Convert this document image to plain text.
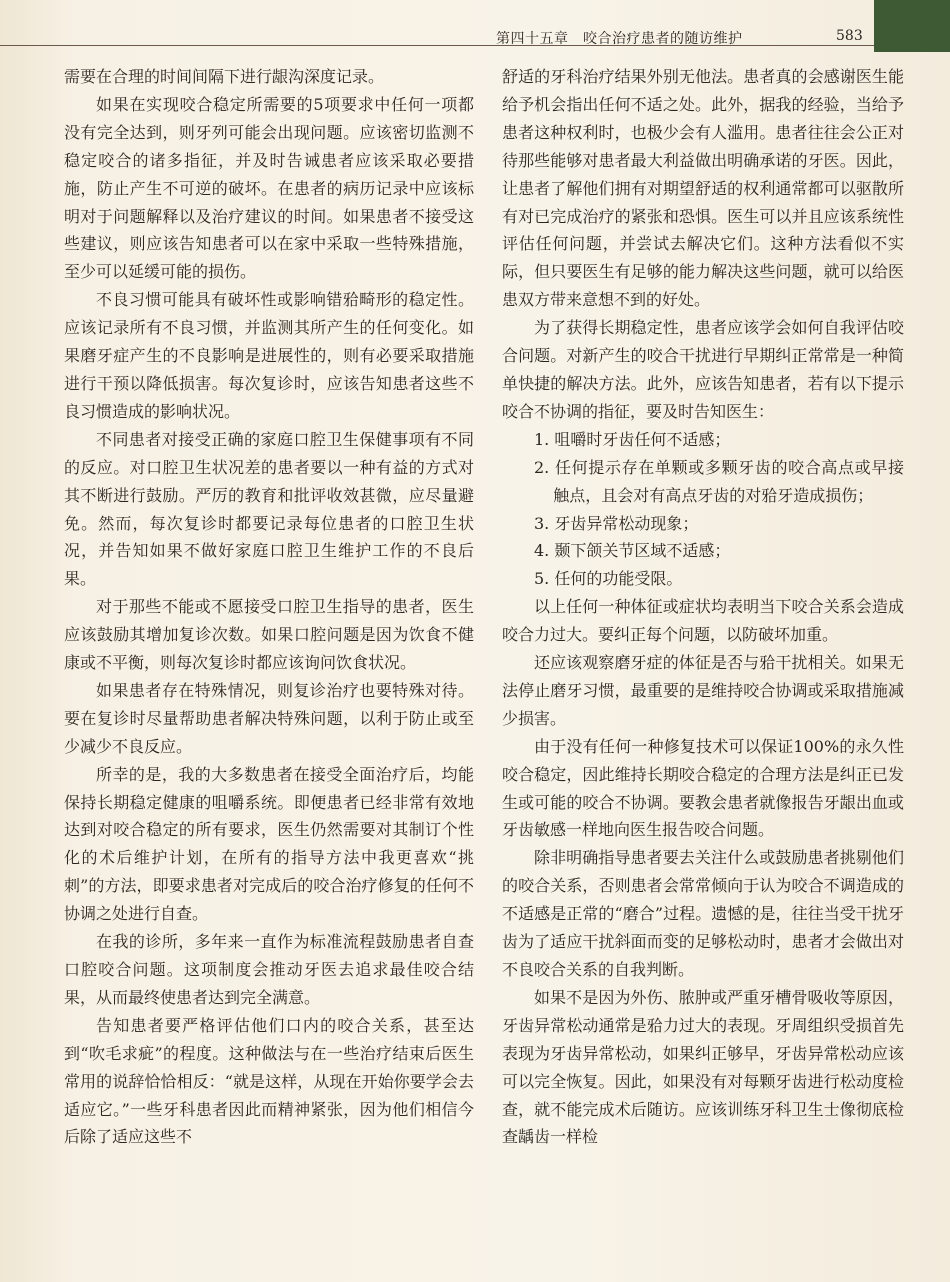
第四十五章　咬合治疗患者的随访维护	583

需要在合理的时间间隔下进行龈沟深度记录。

如果在实现咬合稳定所需要的5项要求中任何一项都没有完全达到，则牙列可能会出现问题。应该密切监测不稳定咬合的诸多指征，并及时告诫患者应该采取必要措施，防止产生不可逆的破坏。在患者的病历记录中应该标明对于问题解释以及治疗建议的时间。如果患者不接受这些建议，则应该告知患者可以在家中采取一些特殊措施，至少可以延缓可能的损伤。

不良习惯可能具有破坏性或影响错𬌗畸形的稳定性。应该记录所有不良习惯，并监测其所产生的任何变化。如果磨牙症产生的不良影响是进展性的，则有必要采取措施进行干预以降低损害。每次复诊时，应该告知患者这些不良习惯造成的影响状况。

不同患者对接受正确的家庭口腔卫生保健事项有不同的反应。对口腔卫生状况差的患者要以一种有益的方式对其不断进行鼓励。严厉的教育和批评收效甚微，应尽量避免。然而，每次复诊时都要记录每位患者的口腔卫生状况，并告知如果不做好家庭口腔卫生维护工作的不良后果。

对于那些不能或不愿接受口腔卫生指导的患者，医生应该鼓励其增加复诊次数。如果口腔问题是因为饮食不健康或不平衡，则每次复诊时都应该询问饮食状况。

如果患者存在特殊情况，则复诊治疗也要特殊对待。要在复诊时尽量帮助患者解决特殊问题，以利于防止或至少减少不良反应。

所幸的是，我的大多数患者在接受全面治疗后，均能保持长期稳定健康的咀嚼系统。即便患者已经非常有效地达到对咬合稳定的所有要求，医生仍然需要对其制订个性化的术后维护计划，在所有的指导方法中我更喜欢“挑刺”的方法，即要求患者对完成后的咬合治疗修复的任何不协调之处进行自查。

在我的诊所，多年来一直作为标准流程鼓励患者自查口腔咬合问题。这项制度会推动牙医去追求最佳咬合结果，从而最终使患者达到完全满意。

告知患者要严格评估他们口内的咬合关系，甚至达到“吹毛求疵”的程度。这种做法与在一些治疗结束后医生常用的说辞恰恰相反：“就是这样，从现在开始你要学会去适应它。”一些牙科患者因此而精神紧张，因为他们相信今后除了适应这些不

舒适的牙科治疗结果外别无他法。患者真的会感谢医生能给予机会指出任何不适之处。此外，据我的经验，当给予患者这种权利时，也极少会有人滥用。患者往往会公正对待那些能够对患者最大利益做出明确承诺的牙医。因此，让患者了解他们拥有对期望舒适的权利通常都可以驱散所有对已完成治疗的紧张和恐惧。医生可以并且应该系统性评估任何问题，并尝试去解决它们。这种方法看似不实际，但只要医生有足够的能力解决这些问题，就可以给医患双方带来意想不到的好处。

为了获得长期稳定性，患者应该学会如何自我评估咬合问题。对新产生的咬合干扰进行早期纠正常常是一种简单快捷的解决方法。此外，应该告知患者，若有以下提示咬合不协调的指征，要及时告知医生：

1. 咀嚼时牙齿任何不适感；

2. 任何提示存在单颗或多颗牙齿的咬合高点或早接触点，且会对有高点牙齿的对𬌗牙造成损伤；

3. 牙齿异常松动现象；

4. 颞下颌关节区域不适感；

5. 任何的功能受限。

以上任何一种体征或症状均表明当下咬合关系会造成咬合力过大。要纠正每个问题，以防破坏加重。

还应该观察磨牙症的体征是否与𬌗干扰相关。如果无法停止磨牙习惯，最重要的是维持咬合协调或采取措施减少损害。

由于没有任何一种修复技术可以保证100%的永久性咬合稳定，因此维持长期咬合稳定的合理方法是纠正已发生或可能的咬合不协调。要教会患者就像报告牙龈出血或牙齿敏感一样地向医生报告咬合问题。

除非明确指导患者要去关注什么或鼓励患者挑剔他们的咬合关系，否则患者会常常倾向于认为咬合不调造成的不适感是正常的“磨合”过程。遗憾的是，往往当受干扰牙齿为了适应干扰斜面而变的足够松动时，患者才会做出对不良咬合关系的自我判断。

如果不是因为外伤、脓肿或严重牙槽骨吸收等原因，牙齿异常松动通常是𬌗力过大的表现。牙周组织受损首先表现为牙齿异常松动，如果纠正够早，牙齿异常松动应该可以完全恢复。因此，如果没有对每颗牙齿进行松动度检查，就不能完成术后随访。应该训练牙科卫生士像彻底检查龋齿一样检
